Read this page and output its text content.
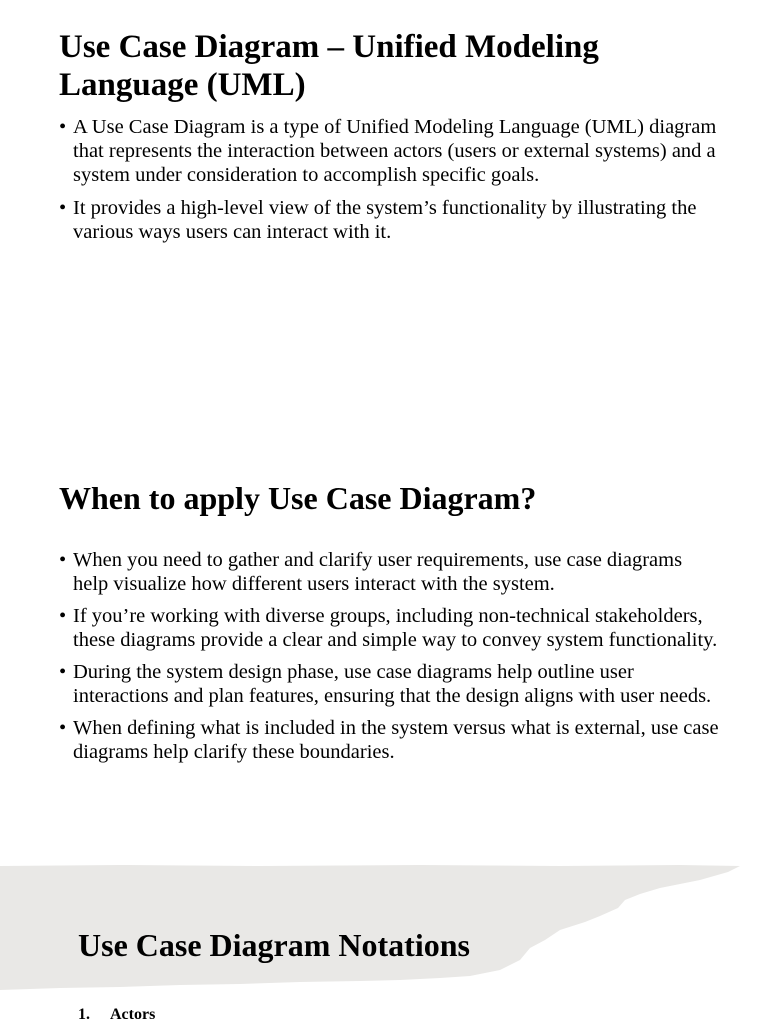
Use Case Diagram – Unified Modeling Language (UML)
• A Use Case Diagram is a type of Unified Modeling Language (UML) diagram that represents the interaction between actors (users or external systems) and a system under consideration to accomplish specific goals.
• It provides a high-level view of the system’s functionality by illustrating the various ways users can interact with it.
When to apply Use Case Diagram?
• When you need to gather and clarify user requirements, use case diagrams help visualize how different users interact with the system.
• If you’re working with diverse groups, including non-technical stakeholders, these diagrams provide a clear and simple way to convey system functionality.
• During the system design phase, use case diagrams help outline user interactions and plan features, ensuring that the design aligns with user needs.
• When defining what is included in the system versus what is external, use case diagrams help clarify these boundaries.
Use Case Diagram Notations
1. Actors
